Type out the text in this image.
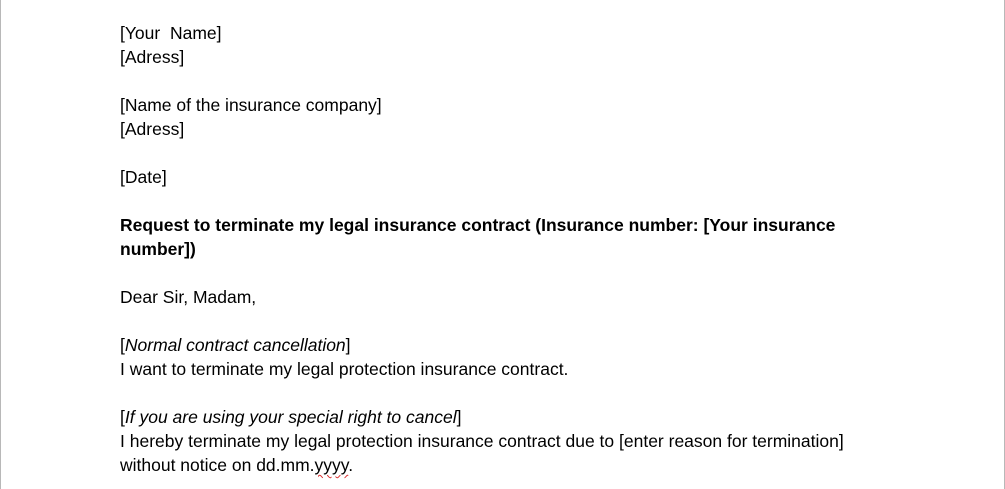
[Your  Name]
[Adress]
[Name of the insurance company]
[Adress]
[Date]
Request to terminate my legal insurance contract (Insurance number: [Your insurance number])
Dear Sir, Madam,
[Normal contract cancellation]
I want to terminate my legal protection insurance contract.
[If you are using your special right to cancel]
I hereby terminate my legal protection insurance contract due to [enter reason for termination]
without notice on dd.mm.yyyy.
